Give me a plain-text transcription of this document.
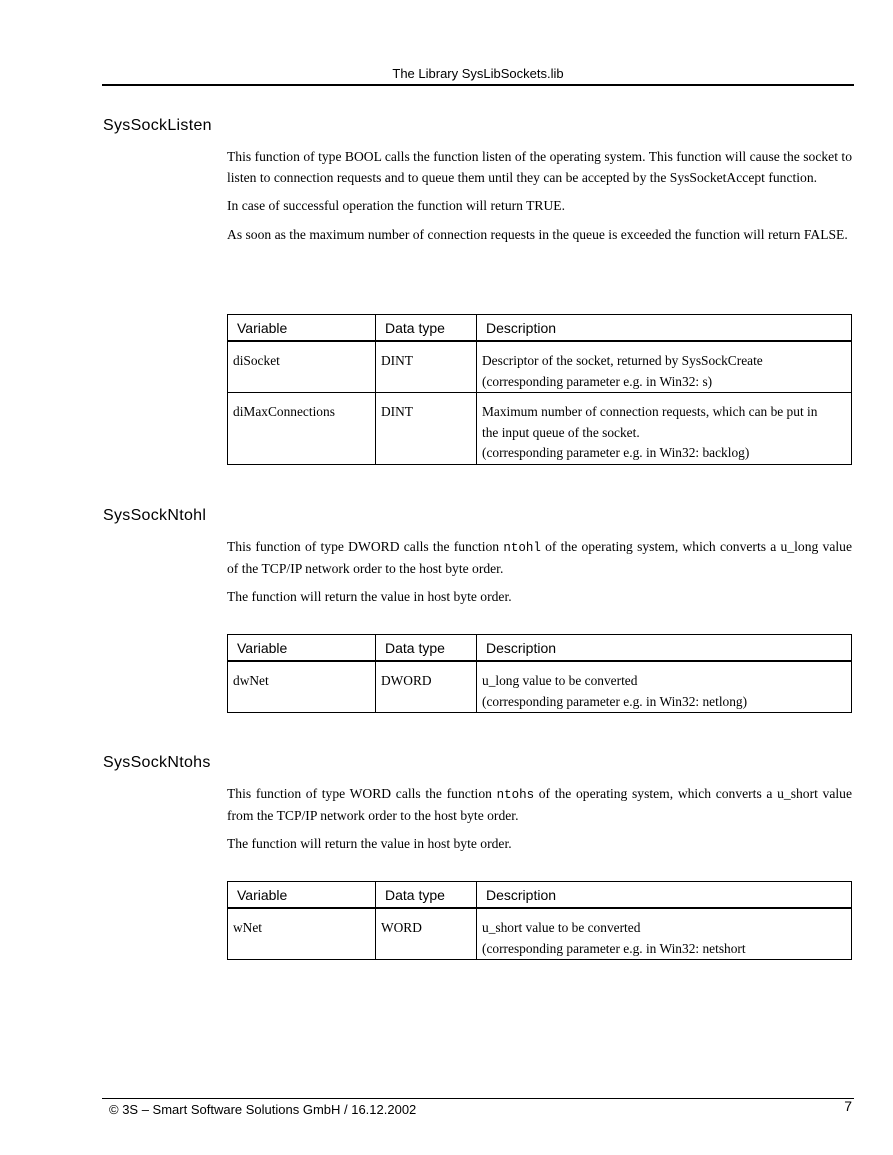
The Library SysLibSockets.lib
SysSockListen

This function of type BOOL calls the function listen of the operating system. This function will cause the socket to listen to connection requests and to queue them until they can be accepted by the SysSocketAccept function.

In case of successful operation the function will return TRUE.

As soon as the maximum number of connection requests in the queue is exceeded the function will return FALSE.

Variable	Data type	Description
diSocket	DINT	Descriptor of the socket, returned by SysSockCreate
(corresponding parameter e.g. in Win32: s)

diMaxConnections	DINT	Maximum number of connection requests, which can be put in
the input queue of the socket.
(corresponding parameter e.g. in Win32: backlog)
SysSockNtohl

This function of type DWORD calls the function ntohl of the operating system, which converts a u_long value of the TCP/IP network order to the host byte order.

The function will return the value in host byte order.

Variable	Data type	Description
dwNet	DWORD	u_long value to be converted
(corresponding parameter e.g. in Win32: netlong)
SysSockNtohs

This function of type WORD calls the function ntohs of the operating system, which converts a u_short value from the TCP/IP network order to the host byte order.

The function will return the value in host byte order.

Variable	Data type	Description
wNet	WORD	u_short value to be converted
(corresponding parameter e.g. in Win32: netshort
© 3S – Smart Software Solutions GmbH / 16.12.2002	7
